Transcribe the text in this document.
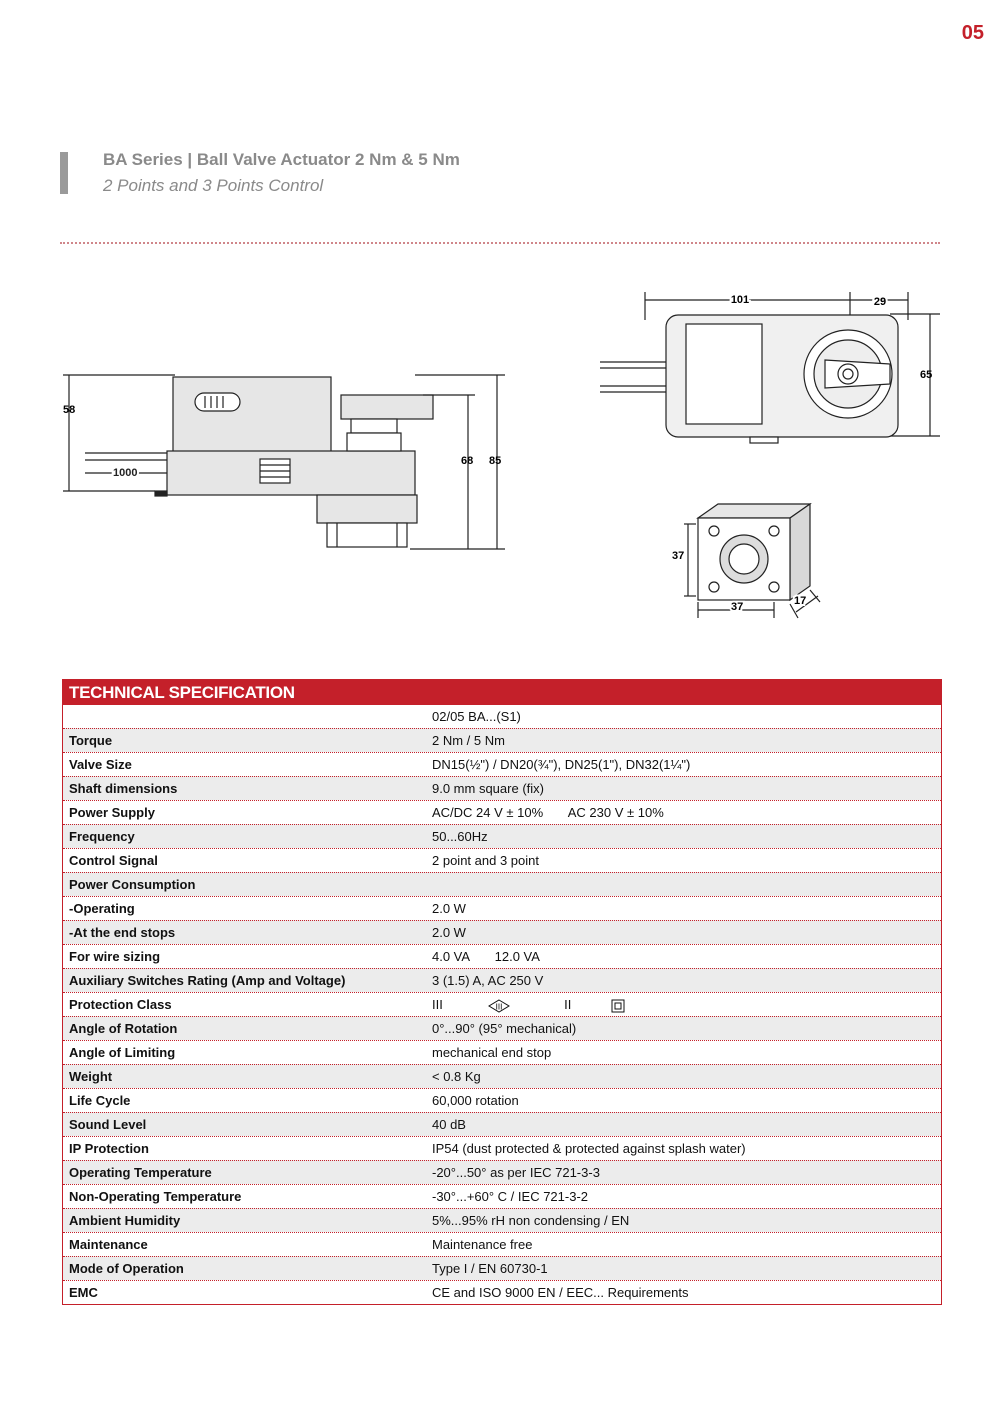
05
BA Series | Ball Valve Actuator 2 Nm & 5 Nm
2 Points and 3 Points Control
58
1000
68 85
101	29
65
37
37	17
TECHNICAL SPECIFICATION
02/05 BA...(S1)
Torque	2 Nm / 5 Nm
Valve Size	DN15(½") / DN20(¾"), DN25(1"), DN32(1¼")
Shaft dimensions	9.0 mm square (fix)
Power Supply	AC/DC 24 V ± 10%       AC 230 V ± 10%
Frequency	50...60Hz
Control Signal	2 point and 3 point
Power Consumption
-Operating	2.0 W
-At the end stops	2.0 W
For wire sizing	4.0 VA       12.0 VA
Auxiliary Switches Rating (Amp and Voltage)	3 (1.5) A, AC 250 V
Protection Class	III	III	II
Angle of Rotation	0°...90° (95° mechanical)
Angle of Limiting	mechanical end stop
Weight	< 0.8 Kg
Life Cycle	60,000 rotation
Sound Level	40 dB
IP Protection	IP54 (dust protected & protected against splash water)
Operating Temperature	-20°...50° as per IEC 721-3-3
Non-Operating Temperature	-30°...+60° C / IEC 721-3-2
Ambient Humidity	5%...95% rH non condensing / EN
Maintenance	Maintenance free
Mode of Operation	Type I / EN 60730-1
EMC	CE and ISO 9000 EN / EEC... Requirements
